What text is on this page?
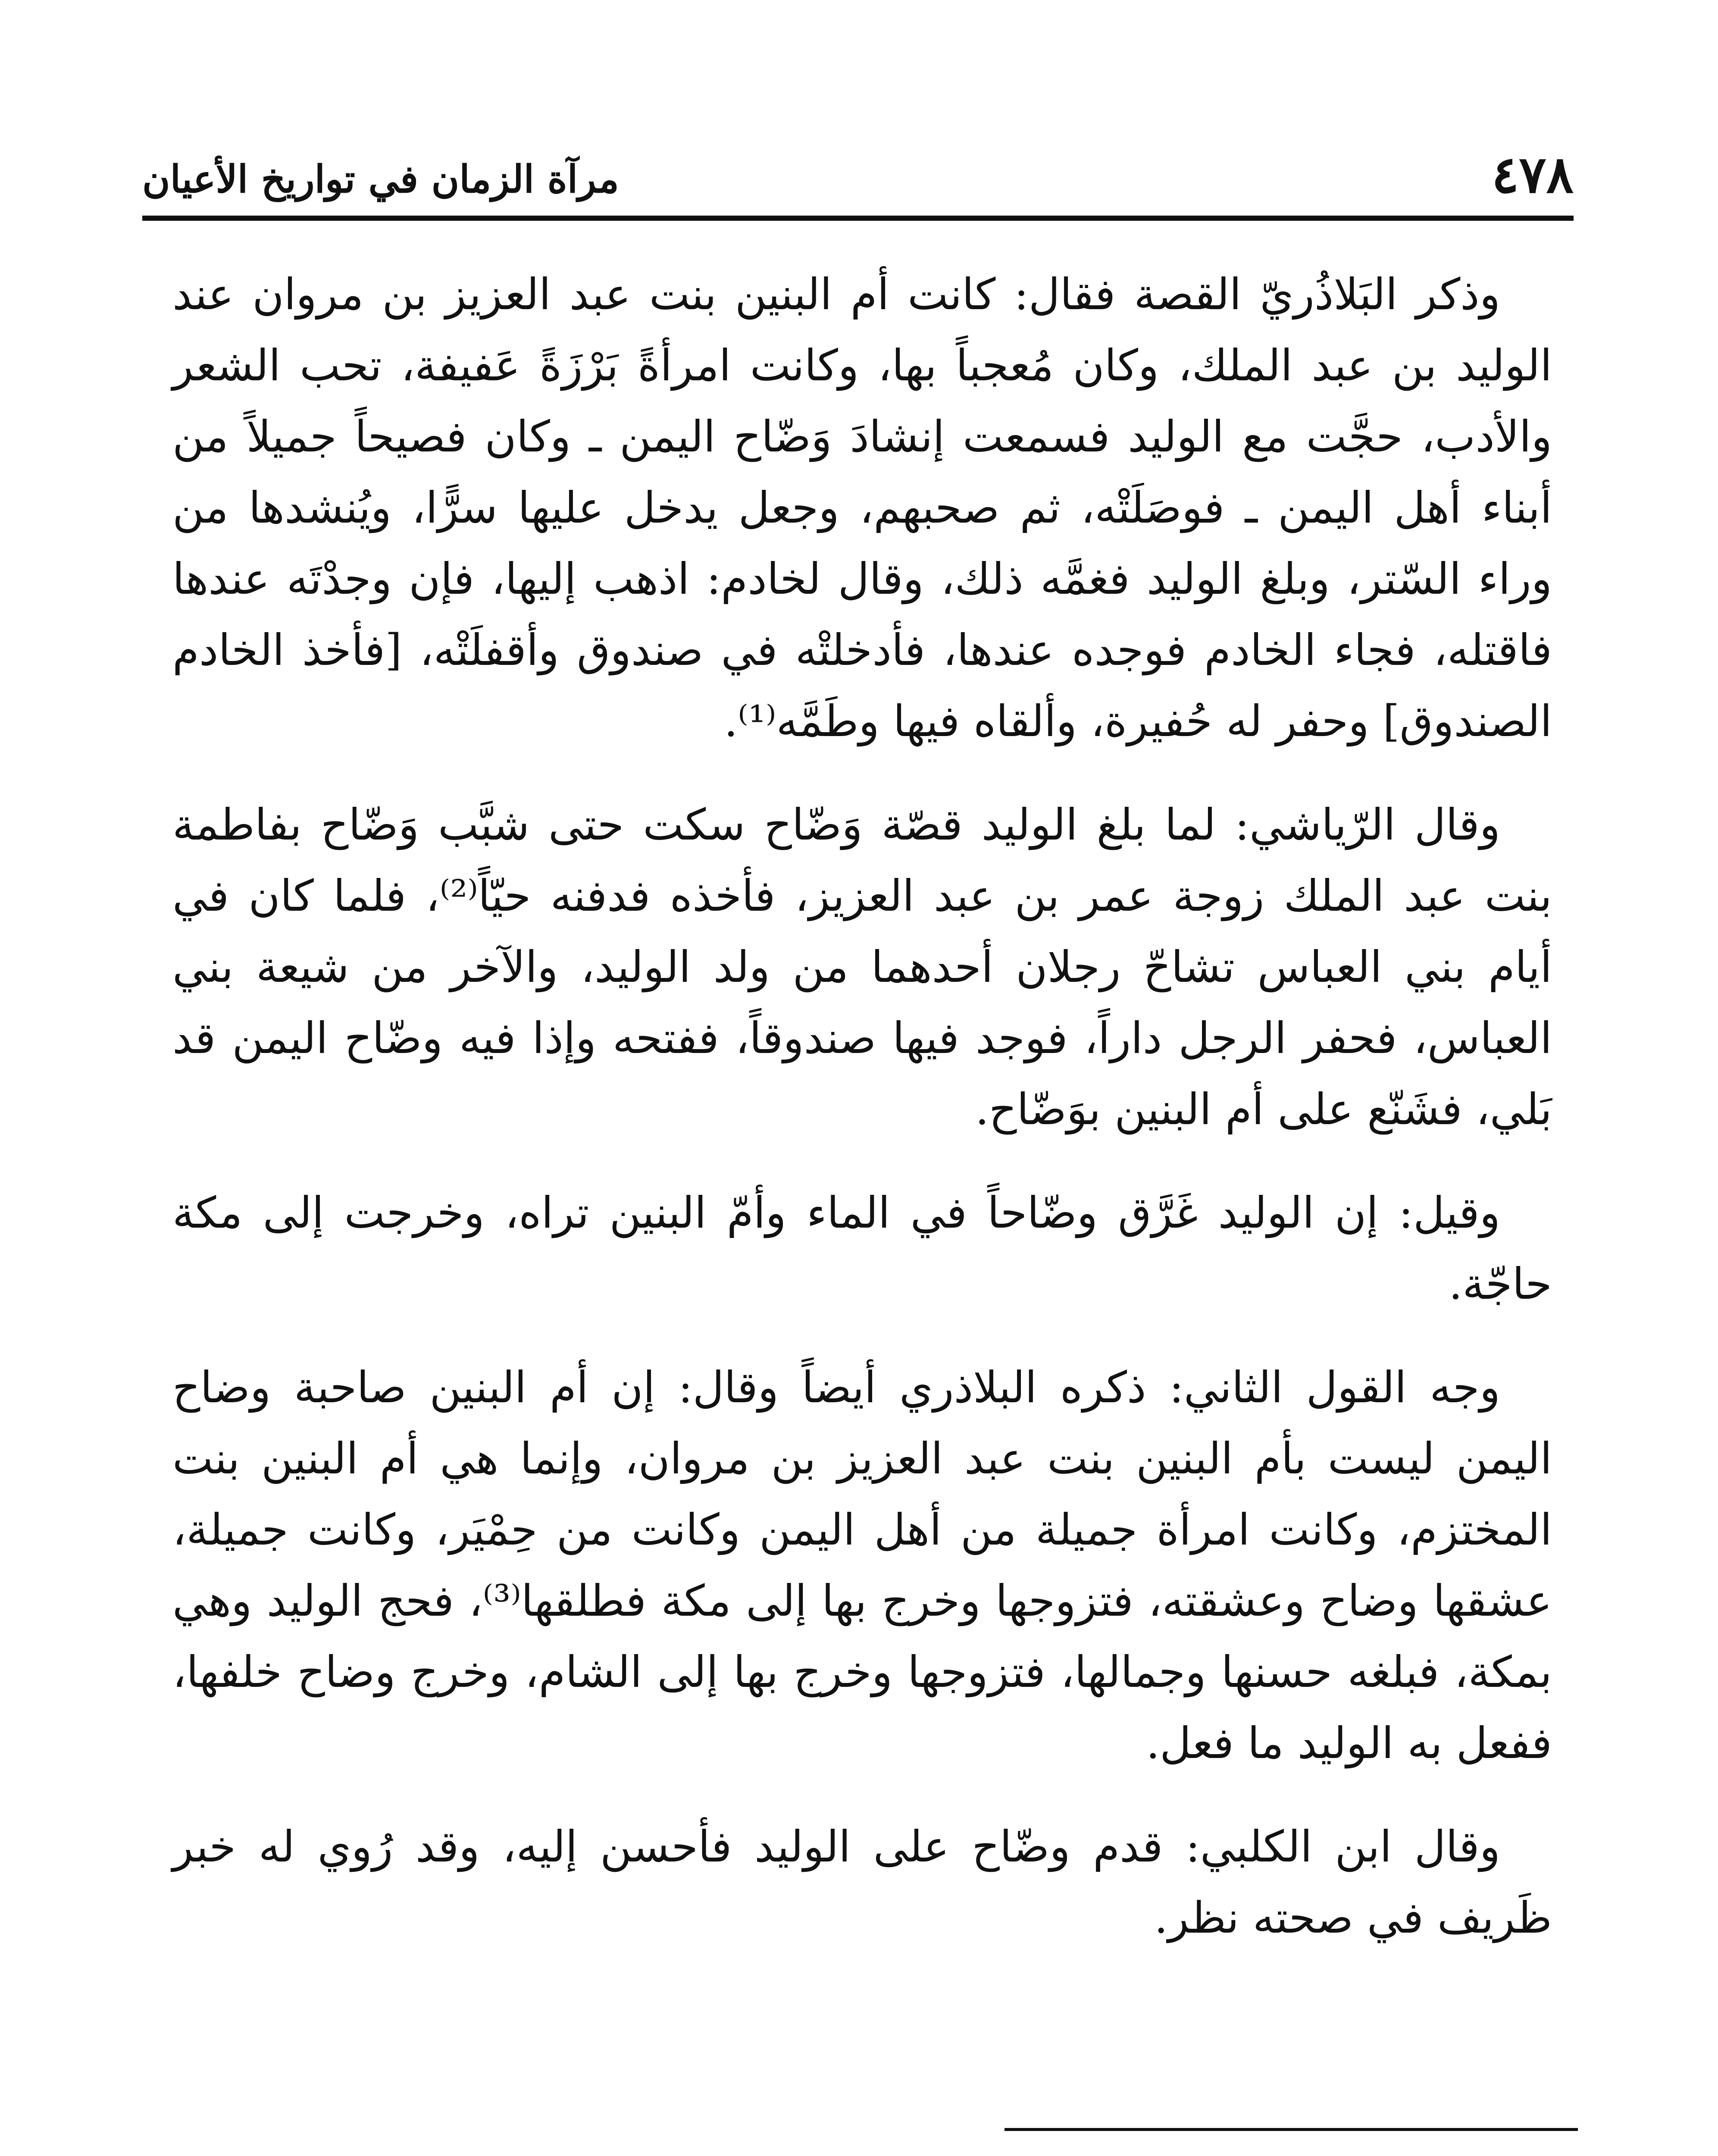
٤٧٨
مرآة الزمان في تواريخ الأعيان

وذكر البَلاذُريّ القصة فقال: كانت أم البنين بنت عبد العزيز بن مروان عند الوليد بن عبد الملك، وكان مُعجباً بها، وكانت امرأةً بَرْزَةً عَفيفة، تحب الشعر والأدب، حجَّت مع الوليد فسمعت إنشادَ وَضّاح اليمن ـ وكان فصيحاً جميلاً من أبناء أهل اليمن ـ فوصَلَتْه، ثم صحبهم، وجعل يدخل عليها سرًّا، ويُنشدها من وراء السّتر، وبلغ الوليد فغمَّه ذلك، وقال لخادم: اذهب إليها، فإن وجدْتَه عندها فاقتله، فجاء الخادم فوجده عندها، فأدخلتْه في صندوق وأقفلَتْه، [فأخذ الخادم الصندوق] وحفر له حُفيرة، وألقاه فيها وطَمَّه⁽¹⁾.

وقال الرّياشي: لما بلغ الوليد قصّة وَضّاح سكت حتى شبَّب وَضّاح بفاطمة بنت عبد الملك زوجة عمر بن عبد العزيز، فأخذه فدفنه حيّاً⁽²⁾، فلما كان في أيام بني العباس تشاحّ رجلان أحدهما من ولد الوليد، والآخر من شيعة بني العباس، فحفر الرجل داراً، فوجد فيها صندوقاً، ففتحه وإذا فيه وضّاح اليمن قد بَلي، فشَنّع على أم البنين بوَضّاح.

وقيل: إن الوليد غَرَّق وضّاحاً في الماء وأمّ البنين تراه، وخرجت إلى مكة حاجّة.

وجه القول الثاني: ذكره البلاذري أيضاً وقال: إن أم البنين صاحبة وضاح اليمن ليست بأم البنين بنت عبد العزيز بن مروان، وإنما هي أم البنين بنت المختزم، وكانت امرأة جميلة من أهل اليمن وكانت من حِمْيَر، وكانت جميلة، عشقها وضاح وعشقته، فتزوجها وخرج بها إلى مكة فطلقها⁽³⁾، فحج الوليد وهي بمكة، فبلغه حسنها وجمالها، فتزوجها وخرج بها إلى الشام، وخرج وضاح خلفها، ففعل به الوليد ما فعل.

وقال ابن الكلبي: قدم وضّاح على الوليد فأحسن إليه، وقد رُوي له خبر ظَريف في صحته نظر.
